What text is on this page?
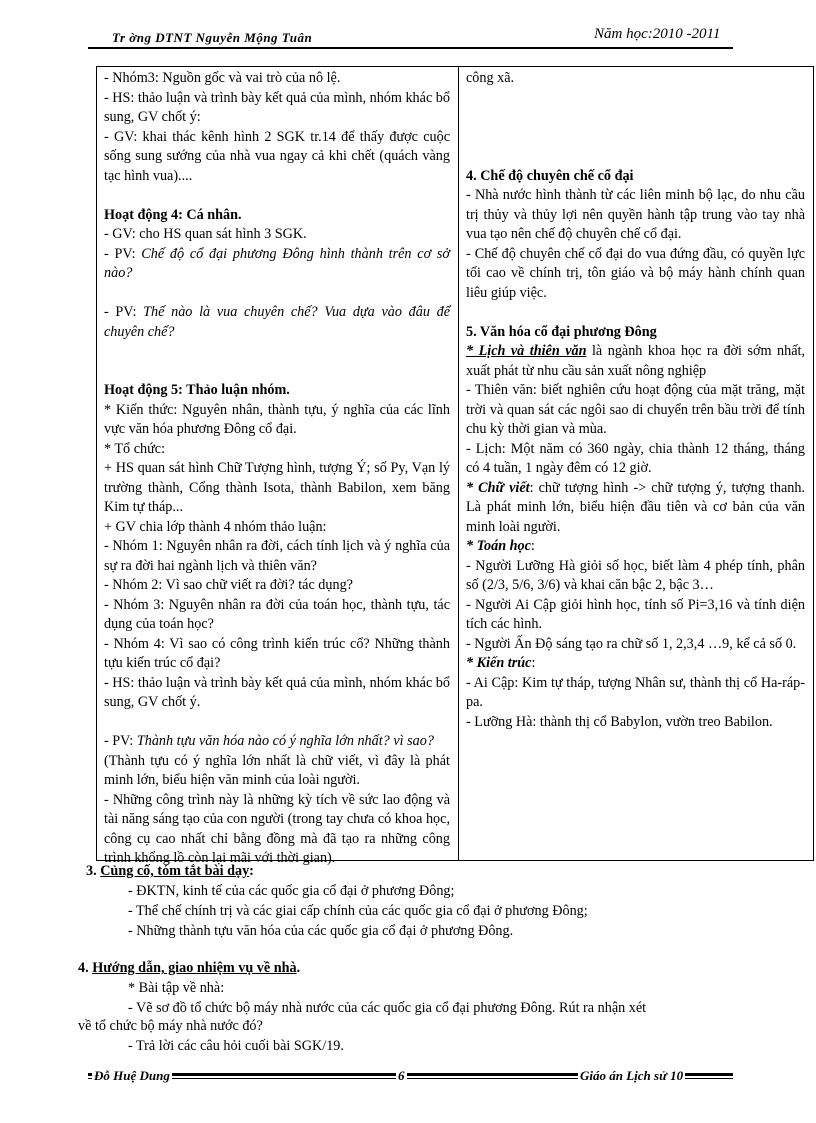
Tr ờng DTNT Nguyễn Mộng Tuân	Năm học:2010 -2011

- Nhóm3: Nguồn gốc và vai trò của nô lệ.

- HS: thảo luận và trình bày kết quả của mình, nhóm khác bổ sung, GV chốt ý:

- GV: khai thác kênh hình 2 SGK tr.14 để thấy được cuộc sống sung sướng của nhà vua ngay cả khi chết (quách vàng tạc hình vua)....

Hoạt động 4: Cá nhân.

- GV: cho HS quan sát hình 3 SGK.

- PV: Chế độ cổ đại phương Đông hình thành trên cơ sở nào?

- PV: Thế nào là vua chuyên chế? Vua dựa vào đâu để chuyên chế?

Hoạt động 5: Thảo luận nhóm.

* Kiến thức: Nguyên nhân, thành tựu, ý nghĩa của các lĩnh vực văn hóa phương Đông cổ đại.

* Tổ chức:

+ HS quan sát hình Chữ Tượng hình, tượng Ý; số Py, Vạn lý trường thành, Cổng thành Isota, thành Babilon, xem băng Kim tự tháp...

+ GV chia lớp thành 4 nhóm thảo luận:

- Nhóm 1: Nguyên nhân ra đời, cách tính lịch và ý nghĩa của sự ra đời hai ngành lịch và thiên văn?

- Nhóm 2: Vì sao chữ viết ra đời? tác dụng?

- Nhóm 3: Nguyên nhân ra đời của toán học, thành tựu, tác dụng của toán học?

- Nhóm 4: Vì sao có công trình kiến trúc cổ? Những thành tựu kiến trúc cổ đại?

- HS: thảo luận và trình bày kết quả của mình, nhóm khác bổ sung, GV chốt ý.

- PV: Thành tựu văn hóa nào có ý nghĩa lớn nhất? vì sao?

(Thành tựu có ý nghĩa lớn nhất là chữ viết, vì đây là phát minh lớn, biểu hiện văn minh của loài người.

- Những công trình này là những kỳ tích về sức lao động và tài năng sáng tạo của con người (trong tay chưa có khoa học, công cụ cao nhất chỉ bằng đồng mà đã tạo ra những công trình khổng lồ còn lại mãi với thời gian).

công xã.

4. Chế độ chuyên chế cổ đại

- Nhà nước hình thành từ các liên minh bộ lạc, do nhu cầu trị thủy và thủy lợi nên quyền hành tập trung vào tay nhà vua tạo nên chế độ chuyên chế cổ đại.

- Chế độ chuyên chế cổ đại do vua đứng đầu, có quyền lực tối cao về chính trị, tôn giáo và bộ máy hành chính quan liêu giúp việc.

5. Văn hóa cổ đại phương Đông

* Lịch và thiên văn là ngành khoa học ra đời sớm nhất, xuất phát từ nhu cầu sản xuất nông nghiệp

- Thiên văn: biết nghiên cứu hoạt động của mặt trăng, mặt trời và quan sát các ngôi sao di chuyển trên bầu trời để tính chu kỳ thời gian và mùa.

- Lịch: Một năm có 360 ngày, chia thành 12 tháng, tháng có 4 tuần, 1 ngày đêm có 12 giờ.

* Chữ viết: chữ tượng hình -> chữ tượng ý, tượng thanh. Là phát minh lớn, biểu hiện đầu tiên và cơ bản của văn minh loài người.

* Toán học:

- Người Lưỡng Hà giỏi số học, biết làm 4 phép tính, phân số (2/3, 5/6, 3/6) và khai căn bậc 2, bậc 3…

- Người Ai Cập giỏi hình học, tính số Pi=3,16 và tính diện tích các hình.

- Người Ấn Độ sáng tạo ra chữ số 1, 2,3,4 …9, kể cả số 0.

* Kiến trúc:

- Ai Cập: Kim tự tháp, tượng Nhân sư, thành thị cổ Ha-ráp-pa.

- Lưỡng Hà: thành thị cổ Babylon, vườn treo Babilon.

3. Củng cố, tóm tắt bài dạy:
- ĐKTN, kinh tế của các quốc gia cổ đại ở phương Đông;
- Thể chế chính trị và các giai cấp chính của các quốc gia cổ đại ở phương Đông;
- Những thành tựu văn hóa của các quốc gia cổ đại ở phương Đông.
4. Hướng dẫn, giao nhiệm vụ về nhà.
* Bài tập về nhà:
- Vẽ sơ đồ tổ chức bộ máy nhà nước của các quốc gia cổ đại phương Đông. Rút ra nhận xét
về tổ chức bộ máy nhà nước đó?
- Trả lời các câu hỏi cuối bài SGK/19.
Đỗ Huệ Dung	6	Giáo án Lịch sử 10
